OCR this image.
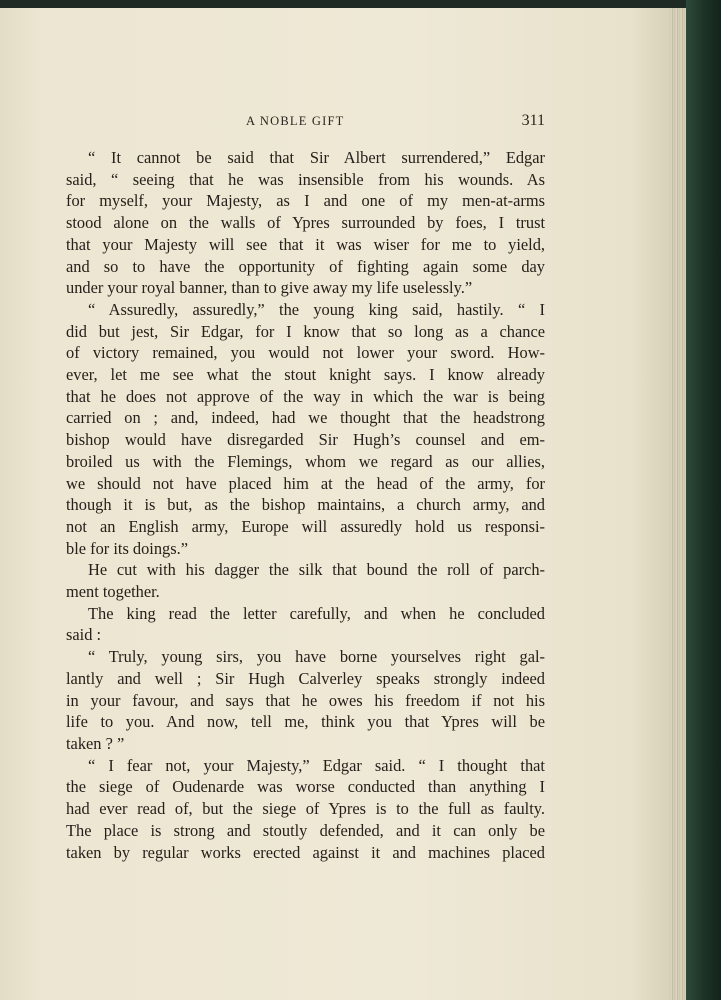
A NOBLE GIFT	311
“ It cannot be said that Sir Albert surrendered,” Edgar
said, “ seeing that he was insensible from his wounds. As
for myself, your Majesty, as I and one of my men-at-arms
stood alone on the walls of Ypres surrounded by foes, I trust
that your Majesty will see that it was wiser for me to yield,
and so to have the opportunity of fighting again some day
under your royal banner, than to give away my life uselessly.”
“ Assuredly, assuredly,” the young king said, hastily. “ I
did but jest, Sir Edgar, for I know that so long as a chance
of victory remained, you would not lower your sword. How-
ever, let me see what the stout knight says. I know already
that he does not approve of the way in which the war is being
carried on ; and, indeed, had we thought that the headstrong
bishop would have disregarded Sir Hugh’s counsel and em-
broiled us with the Flemings, whom we regard as our allies,
we should not have placed him at the head of the army, for
though it is but, as the bishop maintains, a church army, and
not an English army, Europe will assuredly hold us responsi-
ble for its doings.”
He cut with his dagger the silk that bound the roll of parch-
ment together.
The king read the letter carefully, and when he concluded
said :
“ Truly, young sirs, you have borne yourselves right gal-
lantly and well ; Sir Hugh Calverley speaks strongly indeed
in your favour, and says that he owes his freedom if not his
life to you. And now, tell me, think you that Ypres will be
taken ? ”
“ I fear not, your Majesty,” Edgar said. “ I thought that
the siege of Oudenarde was worse conducted than anything I
had ever read of, but the siege of Ypres is to the full as faulty.
The place is strong and stoutly defended, and it can only be
taken by regular works erected against it and machines placed
